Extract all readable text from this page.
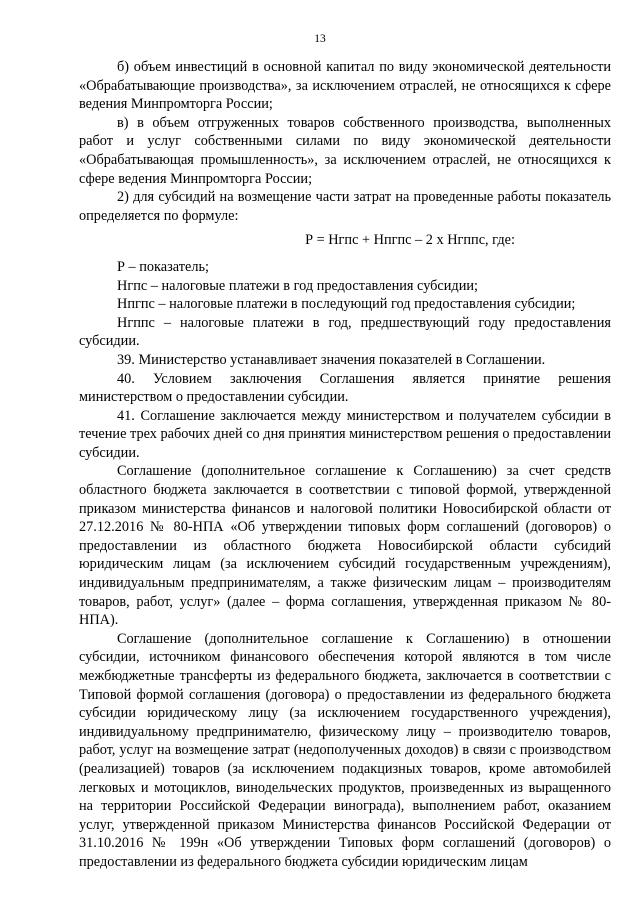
13

б) объем инвестиций в основной капитал по виду экономической деятельности «Обрабатывающие производства», за исключением отраслей, не относящихся к сфере ведения Минпромторга России;

в) в объем отгруженных товаров собственного производства, выполненных работ и услуг собственными силами по виду экономической деятельности «Обрабатывающая промышленность», за исключением отраслей, не относящихся к сфере ведения Минпромторга России;

2) для субсидий на возмещение части затрат на проведенные работы показатель определяется по формуле:

Р = Нгпс + Нпгпс – 2 х Нгппс, где:

Р – показатель;

Нгпс – налоговые платежи в год предоставления субсидии;

Нпгпс – налоговые платежи в последующий год предоставления субсидии;

Нгппс – налоговые платежи в год, предшествующий году предоставления субсидии.

39. Министерство устанавливает значения показателей в Соглашении.

40. Условием заключения Соглашения является принятие решения министерством о предоставлении субсидии.

41. Соглашение заключается между министерством и получателем субсидии в течение трех рабочих дней со дня принятия министерством решения о предоставлении субсидии.

Соглашение (дополнительное соглашение к Соглашению) за счет средств областного бюджета заключается в соответствии с типовой формой, утвержденной приказом министерства финансов и налоговой политики Новосибирской области от 27.12.2016 № 80-НПА «Об утверждении типовых форм соглашений (договоров) о предоставлении из областного бюджета Новосибирской области субсидий юридическим лицам (за исключением субсидий государственным учреждениям), индивидуальным предпринимателям, а также физическим лицам – производителям товаров, работ, услуг» (далее – форма соглашения, утвержденная приказом № 80-НПА).

Соглашение (дополнительное соглашение к Соглашению) в отношении субсидии, источником финансового обеспечения которой являются в том числе межбюджетные трансферты из федерального бюджета, заключается в соответствии с Типовой формой соглашения (договора) о предоставлении из федерального бюджета субсидии юридическому лицу (за исключением государственного учреждения), индивидуальному предпринимателю, физическому лицу – производителю товаров, работ, услуг на возмещение затрат (недополученных доходов) в связи с производством (реализацией) товаров (за исключением подакцизных товаров, кроме автомобилей легковых и мотоциклов, винодельческих продуктов, произведенных из выращенного на территории Российской Федерации винограда), выполнением работ, оказанием услуг, утвержденной приказом Министерства финансов Российской Федерации от 31.10.2016 № 199н «Об утверждении Типовых форм соглашений (договоров) о предоставлении из федерального бюджета субсидии юридическим лицам
